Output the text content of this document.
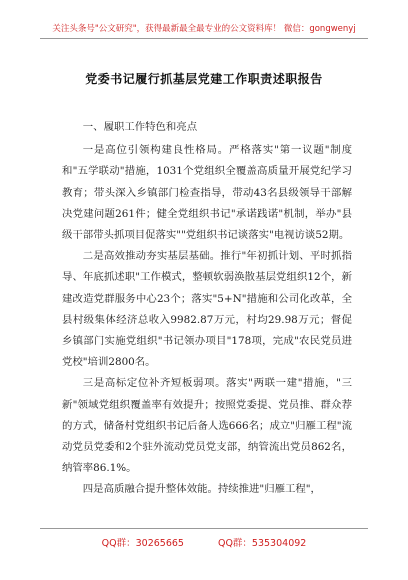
关注头条号"公文研究"，获得最新最全最专业的公文资料库！ 微信：gongwenyj
党委书记履行抓基层党建工作职责述职报告

一、履职工作特色和亮点

一是高位引领构建良性格局。严格落实"第一议题"制度和"五学联动"措施，1031个党组织全覆盖高质量开展党纪学习教育；带头深入乡镇部门检查指导，带动43名县级领导干部解决党建问题261件；健全党组织书记"承诺践诺"机制，举办"县级干部带头抓项目促落实""党组织书记谈落实"电视访谈52期。

二是高效推动夯实基层基础。推行"年初抓计划、平时抓指导、年底抓述职"工作模式，整顿软弱涣散基层党组织12个，新建改造党群服务中心23个；落实"5+N"措施和公司化改革，全县村级集体经济总收入9982.87万元，村均29.98万元；督促乡镇部门实施党组织"书记领办项目"178项，完成"农民党员进党校"培训2800名。

三是高标定位补齐短板弱项。落实"两联一建"措施，"三新"领域党组织覆盖率有效提升；按照党委提、党员推、群众荐的方式，储备村党组织书记后备人选666名；成立"归雁工程"流动党员党委和2个驻外流动党员党支部，纳管流出党员862名，纳管率86.1%。

四是高质融合提升整体效能。持续推进"归雁工程"，

QQ群：30265665	QQ群：535304092
